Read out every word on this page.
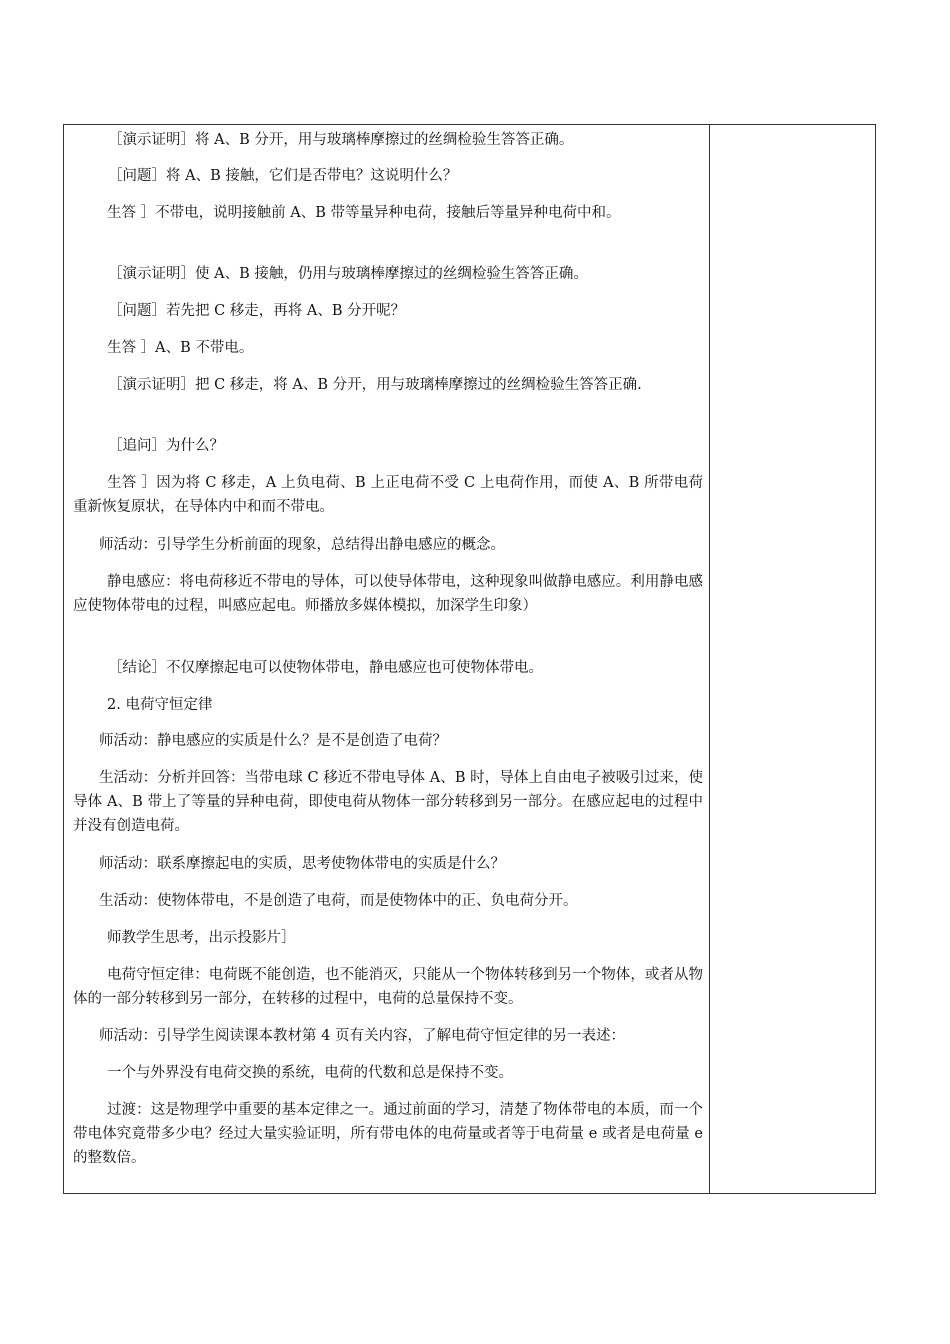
［演示证明］将 A、B 分开，用与玻璃棒摩擦过的丝绸检验生答答正确。

［问题］将 A、B 接触，它们是否带电？这说明什么？

生答 ］不带电，说明接触前 A、B 带等量异种电荷，接触后等量异种电荷中和。

［演示证明］使 A、B 接触，仍用与玻璃棒摩擦过的丝绸检验生答答正确。

［问题］若先把 C 移走，再将 A、B 分开呢？

生答 ］A、B 不带电。

［演示证明］把 C 移走，将 A、B 分开，用与玻璃棒摩擦过的丝绸检验生答答正确.

［追问］为什么？

生答 ］因为将 C 移走，A 上负电荷、B 上正电荷不受 C 上电荷作用，而使 A、B 所带电荷重新恢复原状，在导体内中和而不带电。

师活动：引导学生分析前面的现象，总结得出静电感应的概念。

静电感应：将电荷移近不带电的导体，可以使导体带电，这种现象叫做静电感应。利用静电感应使物体带电的过程，叫感应起电。师播放多媒体模拟，加深学生印象）

［结论］不仅摩擦起电可以使物体带电，静电感应也可使物体带电。

2. 电荷守恒定律

师活动：静电感应的实质是什么？是不是创造了电荷？

生活动：分析并回答：当带电球 C 移近不带电导体 A、B 时，导体上自由电子被吸引过来，使导体 A、B 带上了等量的异种电荷，即使电荷从物体一部分转移到另一部分。在感应起电的过程中并没有创造电荷。

师活动：联系摩擦起电的实质，思考使物体带电的实质是什么？

生活动：使物体带电，不是创造了电荷，而是使物体中的正、负电荷分开。

师教学生思考，出示投影片］

电荷守恒定律：电荷既不能创造，也不能消灭，只能从一个物体转移到另一个物体，或者从物体的一部分转移到另一部分，在转移的过程中，电荷的总量保持不变。

师活动：引导学生阅读课本教材第 4 页有关内容，了解电荷守恒定律的另一表述：

一个与外界没有电荷交换的系统，电荷的代数和总是保持不变。

过渡：这是物理学中重要的基本定律之一。通过前面的学习，清楚了物体带电的本质，而一个带电体究竟带多少电？经过大量实验证明，所有带电体的电荷量或者等于电荷量 e 或者是电荷量 e 的整数倍。
